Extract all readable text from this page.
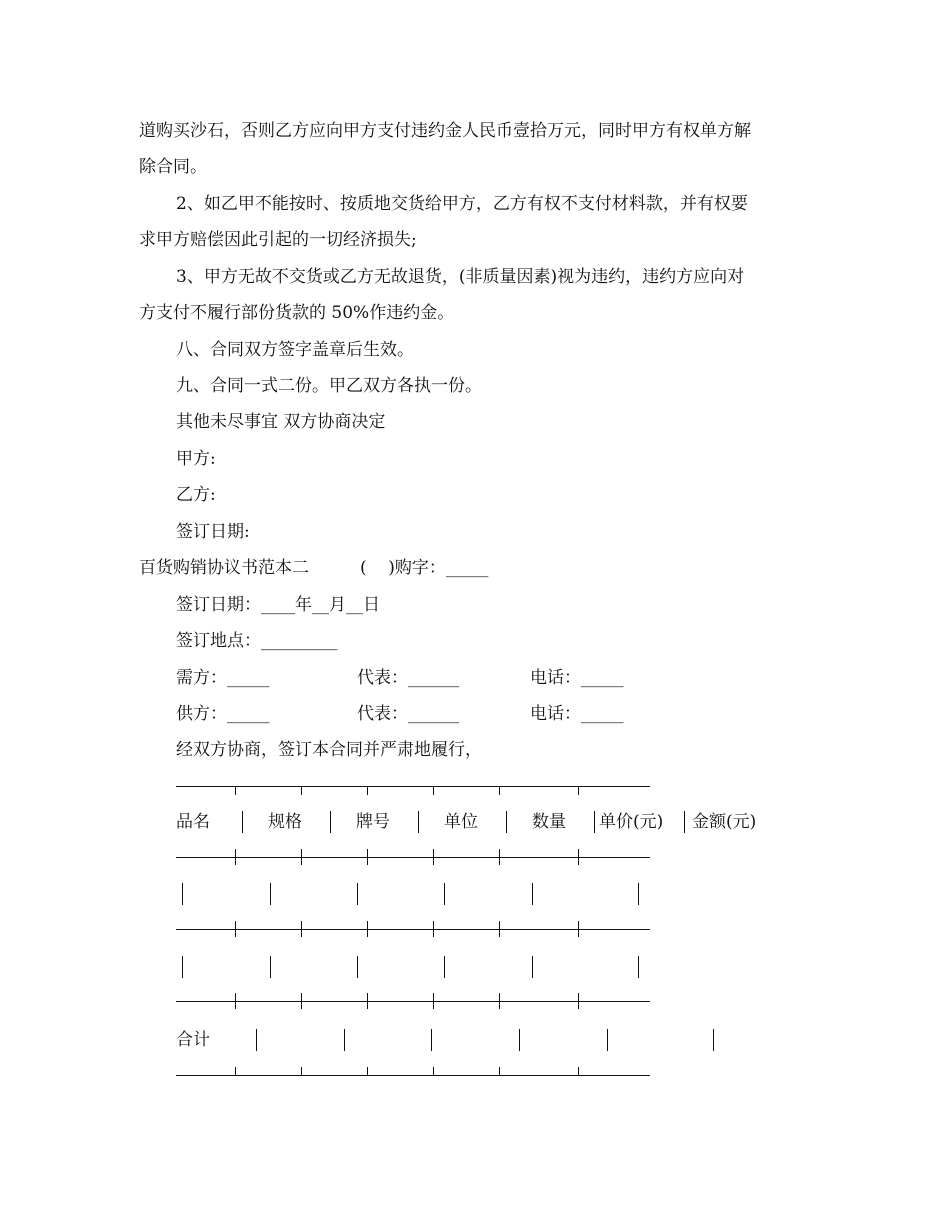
道购买沙石，否则乙方应向甲方支付违约金人民币壹拾万元，同时甲方有权单方解
除合同。
2、如乙甲不能按时、按质地交货给甲方，乙方有权不支付材料款，并有权要
求甲方赔偿因此引起的一切经济损失;
3、甲方无故不交货或乙方无故退货，(非质量因素)视为违约，违约方应向对
方支付不履行部份货款的 50%作违约金。
八、合同双方签字盖章后生效。
九、合同一式二份。甲乙双方各执一份。
其他未尽事宜 双方协商决定
甲方:
乙方:
签订日期:
百货购销协议书范本二	(    )购字：_____
签订日期：____年__月__日
签订地点：_________
需方：_____	代表：______	电话：_____
供方：_____	代表：______	电话：_____
经双方协商，签订本合同并严肃地履行，
品名	规格	牌号	单位	数量 单价(元) 金额(元)
合计
